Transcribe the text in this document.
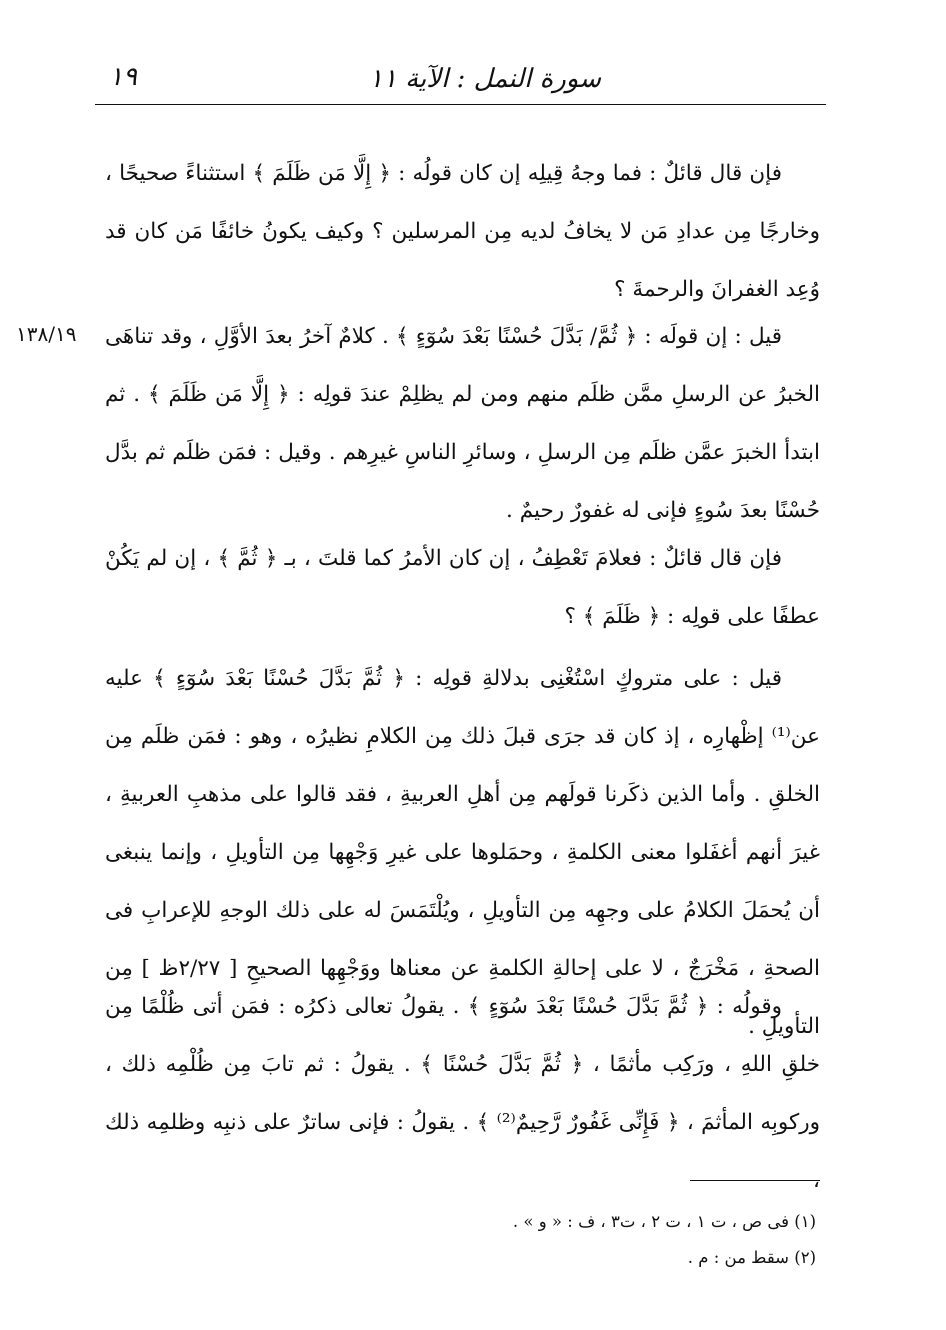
١٩	سورة النمل : الآية ١١
١٣٨/١٩

فإن قال قائلٌ : فما وجهُ قِيلِه إن كان قولُه : ﴿ إِلَّا مَن ظَلَمَ ﴾ استثناءً صحيحًا ، وخارجًا مِن عدادِ مَن لا يخافُ لديه مِن المرسلين ؟ وكيف يكونُ خائفًا مَن كان قد وُعِد الغفرانَ والرحمةَ ؟

قيل : إن قولَه : ﴿ ثُمَّ/ بَدَّلَ حُسْنًا بَعْدَ سُوٓءٍ ﴾ . كلامٌ آخرُ بعدَ الأوَّلِ ، وقد تناهَى الخبرُ عن الرسلِ ممَّن ظلَم منهم ومن لم يظلِمْ عندَ قولِه : ﴿ إِلَّا مَن ظَلَمَ ﴾ . ثم ابتدأ الخبرَ عمَّن ظلَم مِن الرسلِ ، وسائرِ الناسِ غيرِهم . وقيل : فمَن ظلَم ثم بدَّل حُسْنًا بعدَ سُوءٍ فإنى له غفورٌ رحيمٌ .

فإن قال قائلٌ : فعلامَ تَعْطِفُ ، إن كان الأمرُ كما قلتَ ، بـ ﴿ ثُمَّ ﴾ ، إن لم يَكُنْ عطفًا على قولِه : ﴿ ظَلَمَ ﴾ ؟

قيل : على متروكٍ اسْتُغْنِى بدلالةِ قولِه : ﴿ ثُمَّ بَدَّلَ حُسْنًا بَعْدَ سُوٓءٍ ﴾ عليه عن⁽¹⁾ إظْهارِه ، إذ كان قد جرَى قبلَ ذلك مِن الكلامِ نظيرُه ، وهو : فمَن ظلَم مِن الخلقِ . وأما الذين ذكَرنا قولَهم مِن أهلِ العربيةِ ، فقد قالوا على مذهبِ العربيةِ ، غيرَ أنهم أغفَلوا معنى الكلمةِ ، وحمَلوها على غيرِ وَجْهِها مِن التأويلِ ، وإنما ينبغى أن يُحمَلَ الكلامُ على وجهِه مِن التأويلِ ، ويُلْتَمَسَ له على ذلك الوجهِ للإعرابِ فى الصحةِ ، مَخْرَجٌ ، لا على إحالةِ الكلمةِ عن معناها ووَجْهِها الصحيحِ [ ٢/٢٧ظ ] مِن التأويلِ .

وقولُه : ﴿ ثُمَّ بَدَّلَ حُسْنًا بَعْدَ سُوٓءٍ ﴾ . يقولُ تعالى ذكرُه : فمَن أتى ظُلْمًا مِن خلقِ اللهِ ، ورَكِب مأثمًا ، ﴿ ثُمَّ بَدَّلَ حُسْنًا ﴾ . يقولُ : ثم تابَ مِن ظُلْمِه ذلك ، وركوبِه المأثمَ ، ﴿ فَإِنِّى غَفُورٌ رَّحِيمٌ⁽²⁾ ﴾ . يقولُ : فإنى ساترٌ على ذنبِه وظلمِه ذلك ،

(١) فى ص ، ت ١ ، ت ٢ ، ت٣ ، ف : « و » .
(٢) سقط من : م .
